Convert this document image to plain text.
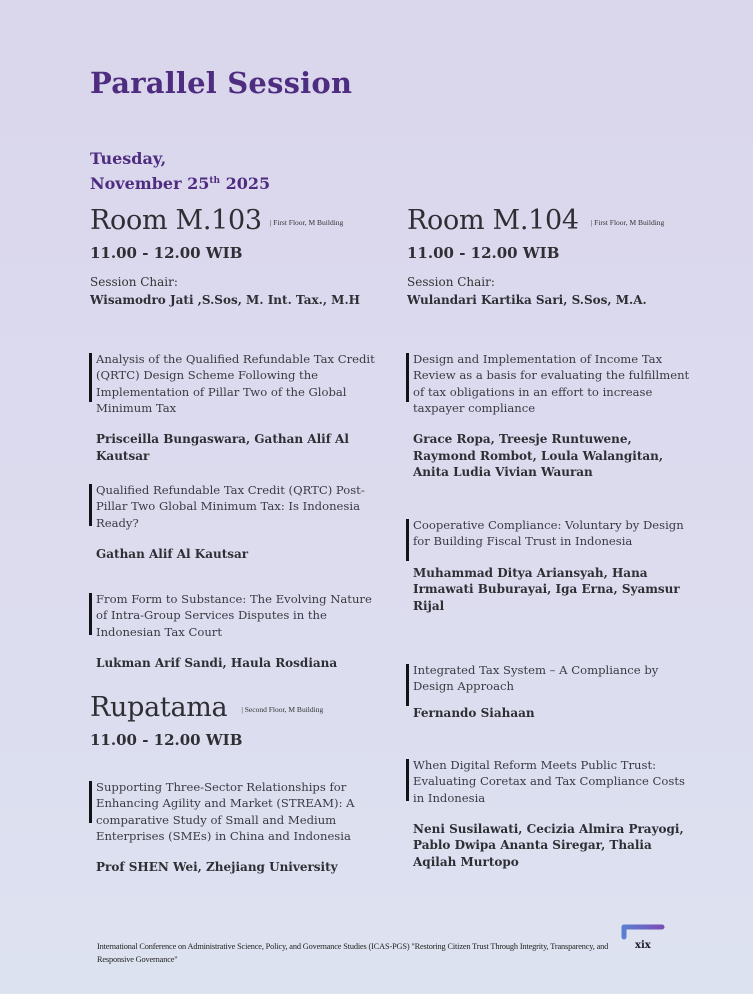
Parallel Session
Tuesday,
November 25th 2025
Room M.103 | First Floor, M Building
11.00 - 12.00 WIB
Session Chair:
Wisamodro Jati ,S.Sos, M. Int. Tax., M.H
Analysis of the Qualified Refundable Tax Credit (QRTC) Design Scheme Following the Implementation of Pillar Two of the Global Minimum Tax
Prisceilla Bungaswara, Gathan Alif Al Kautsar
Qualified Refundable Tax Credit (QRTC) Post-Pillar Two Global Minimum Tax: Is Indonesia Ready?
Gathan Alif Al Kautsar
From Form to Substance: The Evolving Nature of Intra-Group Services Disputes in the Indonesian Tax Court
Lukman Arif Sandi, Haula Rosdiana
Rupatama | Second Floor, M Building
11.00 - 12.00 WIB
Supporting Three-Sector Relationships for Enhancing Agility and Market (STREAM): A comparative Study of Small and Medium Enterprises (SMEs) in China and Indonesia
Prof SHEN Wei, Zhejiang University
Room M.104 | First Floor, M Building
11.00 - 12.00 WIB
Session Chair:
Wulandari Kartika Sari, S.Sos, M.A.
Design and Implementation of Income Tax Review as a basis for evaluating the fulfillment of tax obligations in an effort to increase taxpayer compliance
Grace Ropa, Treesje Runtuwene, Raymond Rombot, Loula Walangitan, Anita Ludia Vivian Wauran
Cooperative Compliance: Voluntary by Design for Building Fiscal Trust in Indonesia
Muhammad Ditya Ariansyah, Hana Irmawati Buburayai, Iga Erna, Syamsur Rijal
Integrated Tax System – A Compliance by Design Approach
Fernando Siahaan
When Digital Reform Meets Public Trust: Evaluating Coretax and Tax Compliance Costs in Indonesia
Neni Susilawati, Cecizia Almira Prayogi, Pablo Dwipa Ananta Siregar, Thalia Aqilah Murtopo
International Conference on Administrative Science, Policy, and Governance Studies (ICAS-PGS) "Restoring Citizen Trust Through Integrity, Transparency, and Responsive Governance"
xix
